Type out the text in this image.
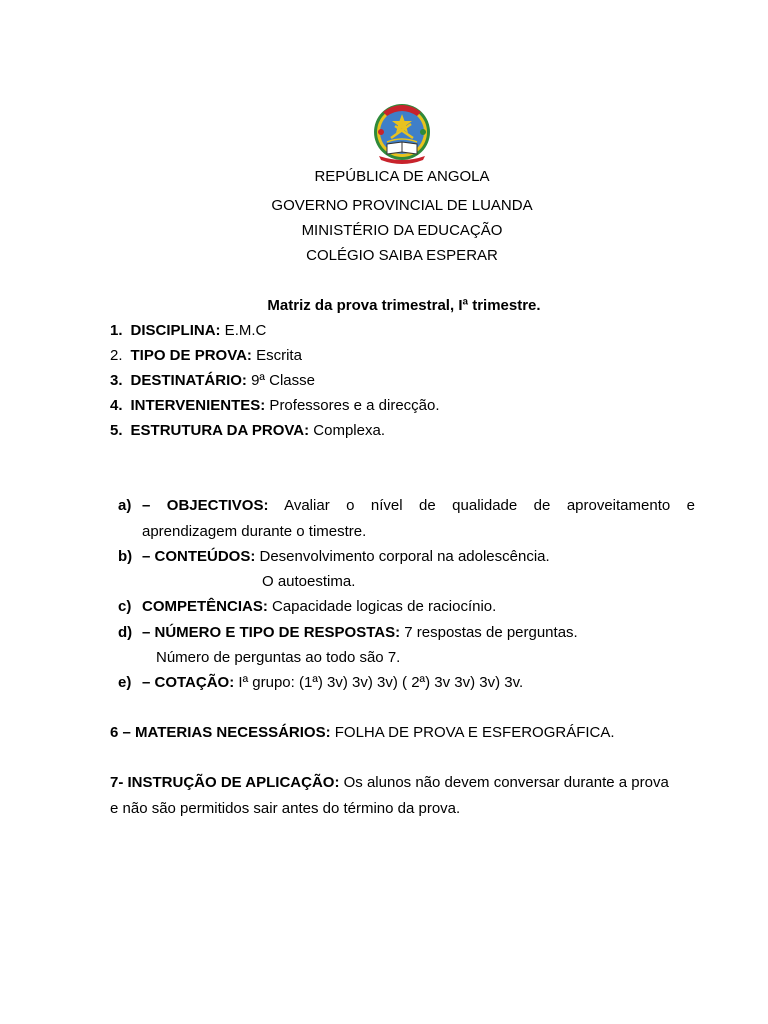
REPÚBLICA DE ANGOLA
GOVERNO PROVINCIAL DE LUANDA
MINISTÉRIO DA EDUCAÇÃO
COLÉGIO SAIBA ESPERAR
Matriz da prova trimestral, Iª trimestre.
1. DISCIPLINA: E.M.C
2. TIPO DE PROVA: Escrita
3. DESTINATÁRIO: 9ª Classe
4. INTERVENIENTES: Professores e a direcção.
5. ESTRUTURA DA PROVA: Complexa.
a) – OBJECTIVOS: Avaliar o nível de qualidade de aproveitamento e
aprendizagem durante o timestre.
b) – CONTEÚDOS: Desenvolvimento corporal na adolescência.
O autoestima.
c) COMPETÊNCIAS: Capacidade logicas de raciocínio.
d) – NÚMERO E TIPO DE RESPOSTAS: 7 respostas de perguntas.
Número de perguntas ao todo são 7.
e) – COTAÇÃO: Iª grupo: (1ª) 3v) 3v) 3v) ( 2ª) 3v 3v) 3v) 3v.
6 – MATERIAS NECESSÁRIOS: FOLHA DE PROVA E ESFEROGRÁFICA.
7- INSTRUÇÃO DE APLICAÇÃO: Os alunos não devem conversar durante a prova
e não são permitidos sair antes do término da prova.
